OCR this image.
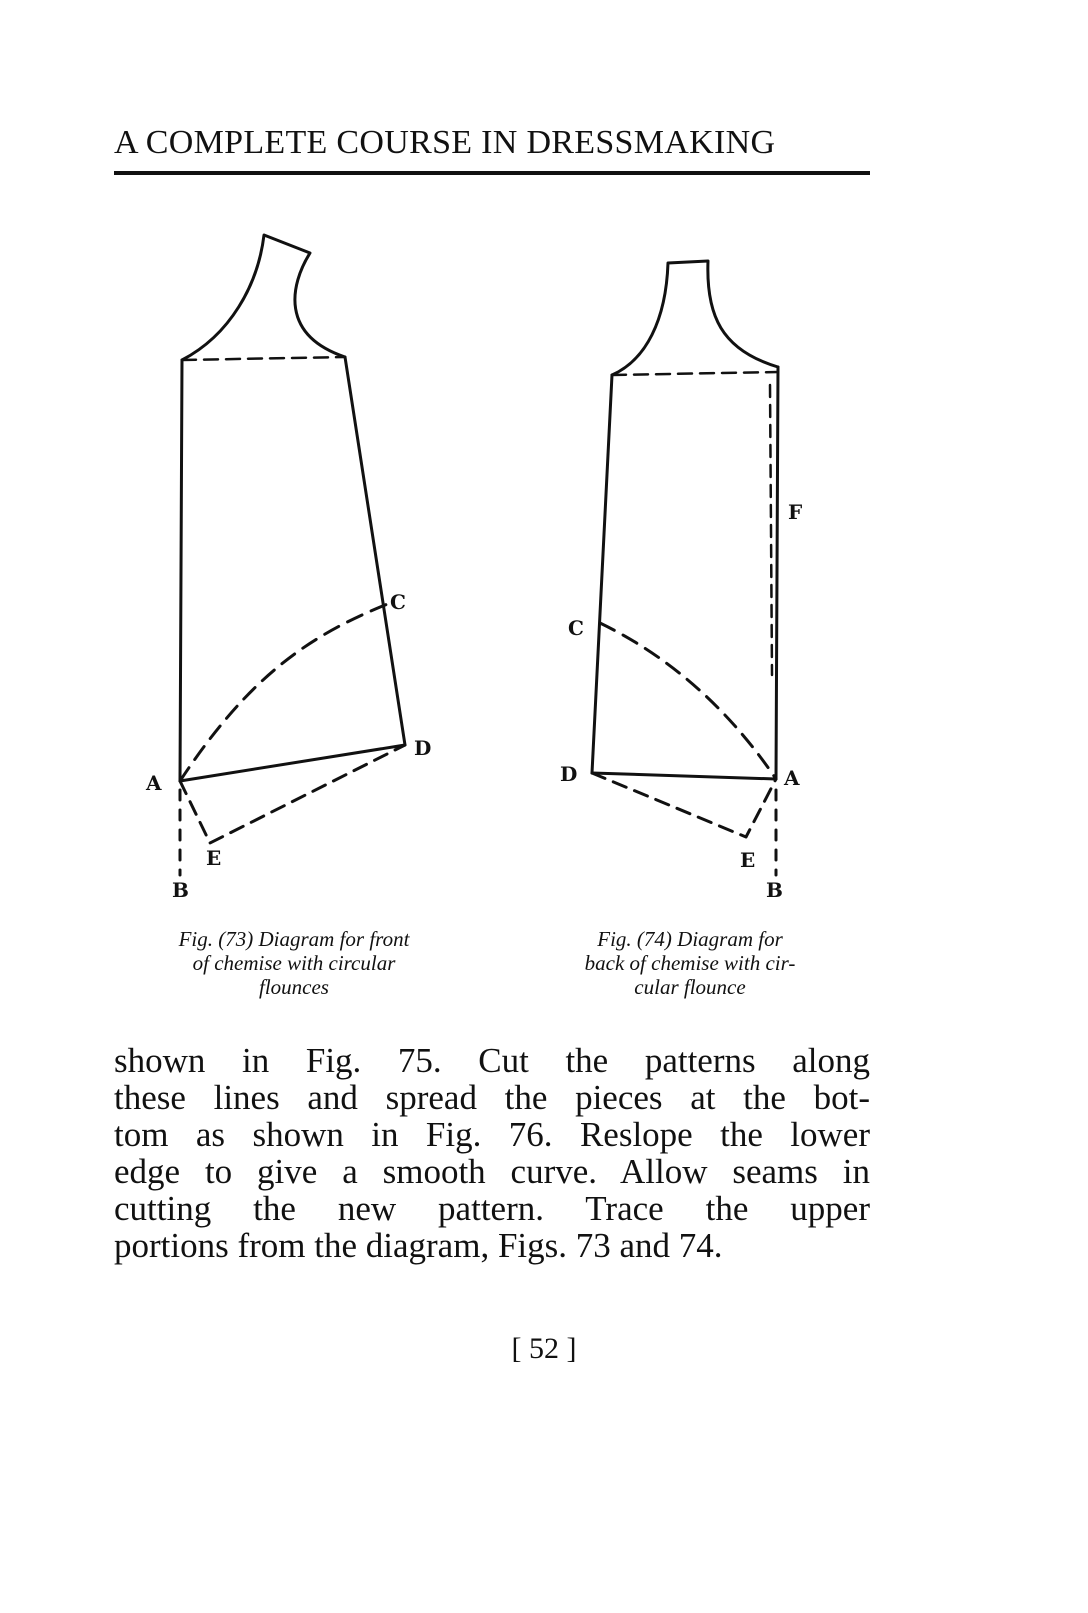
A COMPLETE COURSE IN DRESSMAKING
A
B
C
D
E
Fig. (73) Diagram for front
of chemise with circular
flounces
A
B
C
D
E
F
Fig. (74) Diagram for
back of chemise with cir-
cular flounce
shown in Fig. 75. Cut the patterns along
these lines and spread the pieces at the bot-
tom as shown in Fig. 76. Reslope the lower
edge to give a smooth curve. Allow seams in
cutting the new pattern. Trace the upper
portions from the diagram, Figs. 73 and 74.
[ 52 ]
